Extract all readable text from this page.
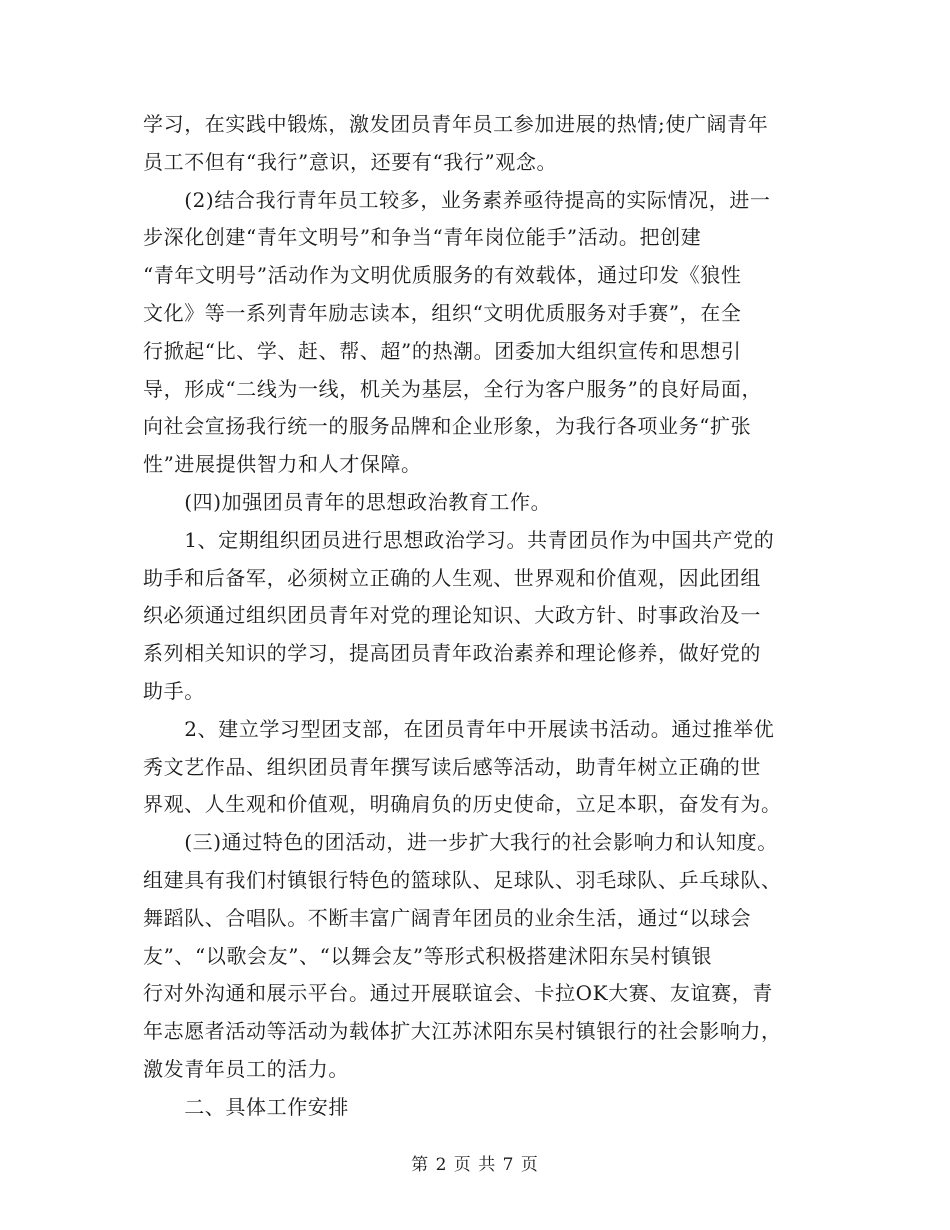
学习，在实践中锻炼，激发团员青年员工参加进展的热情;使广阔青年
员工不但有“我行”意识，还要有“我行”观念。
　　(2)结合我行青年员工较多，业务素养亟待提高的实际情况，进一
步深化创建“青年文明号”和争当“青年岗位能手”活动。把创建
“青年文明号”活动作为文明优质服务的有效载体，通过印发《狼性
文化》等一系列青年励志读本，组织“文明优质服务对手赛”，在全
行掀起“比、学、赶、帮、超”的热潮。团委加大组织宣传和思想引
导，形成“二线为一线，机关为基层，全行为客户服务”的良好局面，
向社会宣扬我行统一的服务品牌和企业形象，为我行各项业务“扩张
性”进展提供智力和人才保障。
　　(四)加强团员青年的思想政治教育工作。
　　1、定期组织团员进行思想政治学习。共青团员作为中国共产党的
助手和后备军，必须树立正确的人生观、世界观和价值观，因此团组
织必须通过组织团员青年对党的理论知识、大政方针、时事政治及一
系列相关知识的学习，提高团员青年政治素养和理论修养，做好党的
助手。
　　2、建立学习型团支部，在团员青年中开展读书活动。通过推举优
秀文艺作品、组织团员青年撰写读后感等活动，助青年树立正确的世
界观、人生观和价值观，明确肩负的历史使命，立足本职，奋发有为。
　　(三)通过特色的团活动，进一步扩大我行的社会影响力和认知度。
组建具有我们村镇银行特色的篮球队、足球队、羽毛球队、乒乓球队、
舞蹈队、合唱队。不断丰富广阔青年团员的业余生活，通过“以球会
友”、“以歌会友”、“以舞会友”等形式积极搭建沭阳东吴村镇银
行对外沟通和展示平台。通过开展联谊会、卡拉OK大赛、友谊赛，青
年志愿者活动等活动为载体扩大江苏沭阳东吴村镇银行的社会影响力，
激发青年员工的活力。
　　二、具体工作安排
第 2 页 共 7 页
